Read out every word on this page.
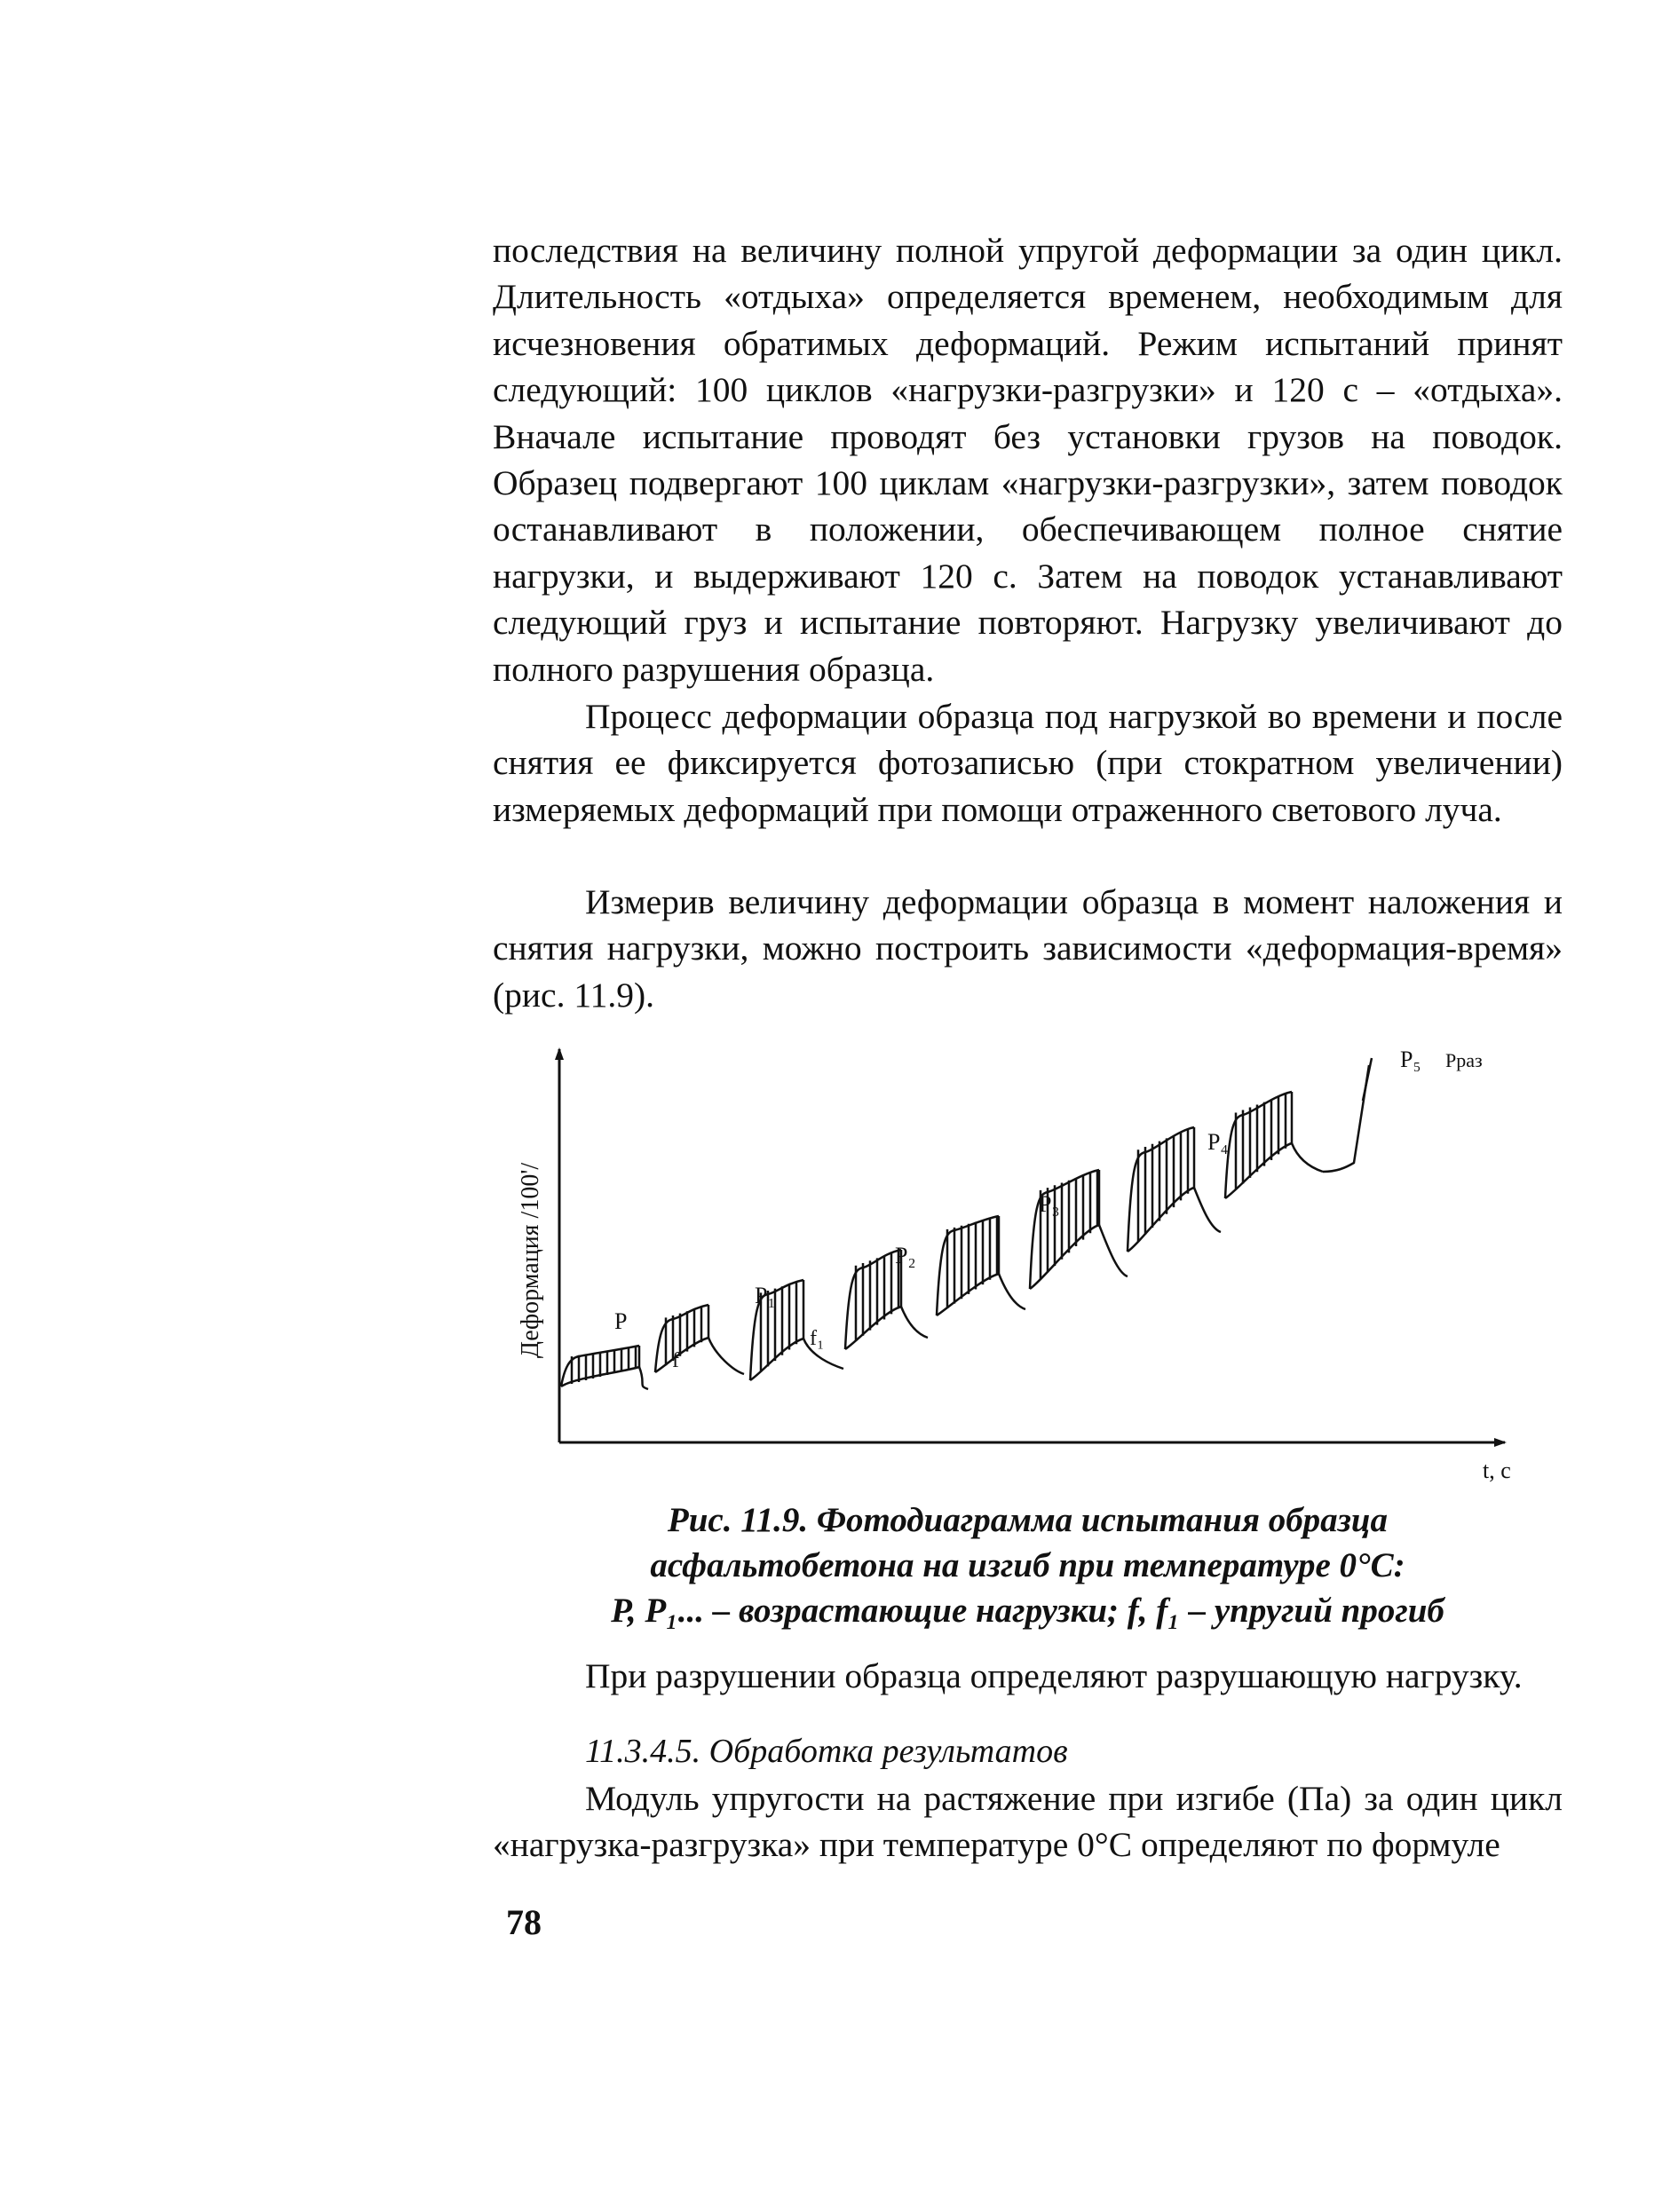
последствия на величину полной упругой деформации за один цикл. Длительность «отдыха» определяется временем, необходимым для исчезновения обратимых деформаций. Режим испытаний принят следующий: 100 циклов «нагрузки-разгрузки» и 120 с – «отдыха». Вначале испытание проводят без установки грузов на поводок. Образец подвергают 100 циклам «нагрузки-разгрузки», затем поводок останавливают в положении, обеспечивающем полное снятие нагрузки, и выдерживают 120 с. Затем на поводок устанавливают следующий груз и испытание повторяют. Нагрузку увеличивают до полного разрушения образца.

Процесс деформации образца под нагрузкой во времени и после снятия ее фиксируется фотозаписью (при стократном увеличении) измеряемых деформаций при помощи отраженного светового луча.

Измерив величину деформации образца в момент наложения и снятия нагрузки, можно построить зависимости «деформация-время» (рис. 11.9).

Деформация /100'/
t, c
P
P₁
P₂
P₃
P₄
P₅ Pраз
f
f₁

Рис. 11.9. Фотодиаграмма испытания образца

асфальтобетона на изгиб при температуре 0°С:

P, P₁... – возрастающие нагрузки; f, f₁ – упругий прогиб

При разрушении образца определяют разрушающую нагрузку.

11.3.4.5. Обработка результатов

Модуль упругости на растяжение при изгибе (Па) за один цикл «нагрузка-разгрузка» при температуре 0°С определяют по формуле

78
